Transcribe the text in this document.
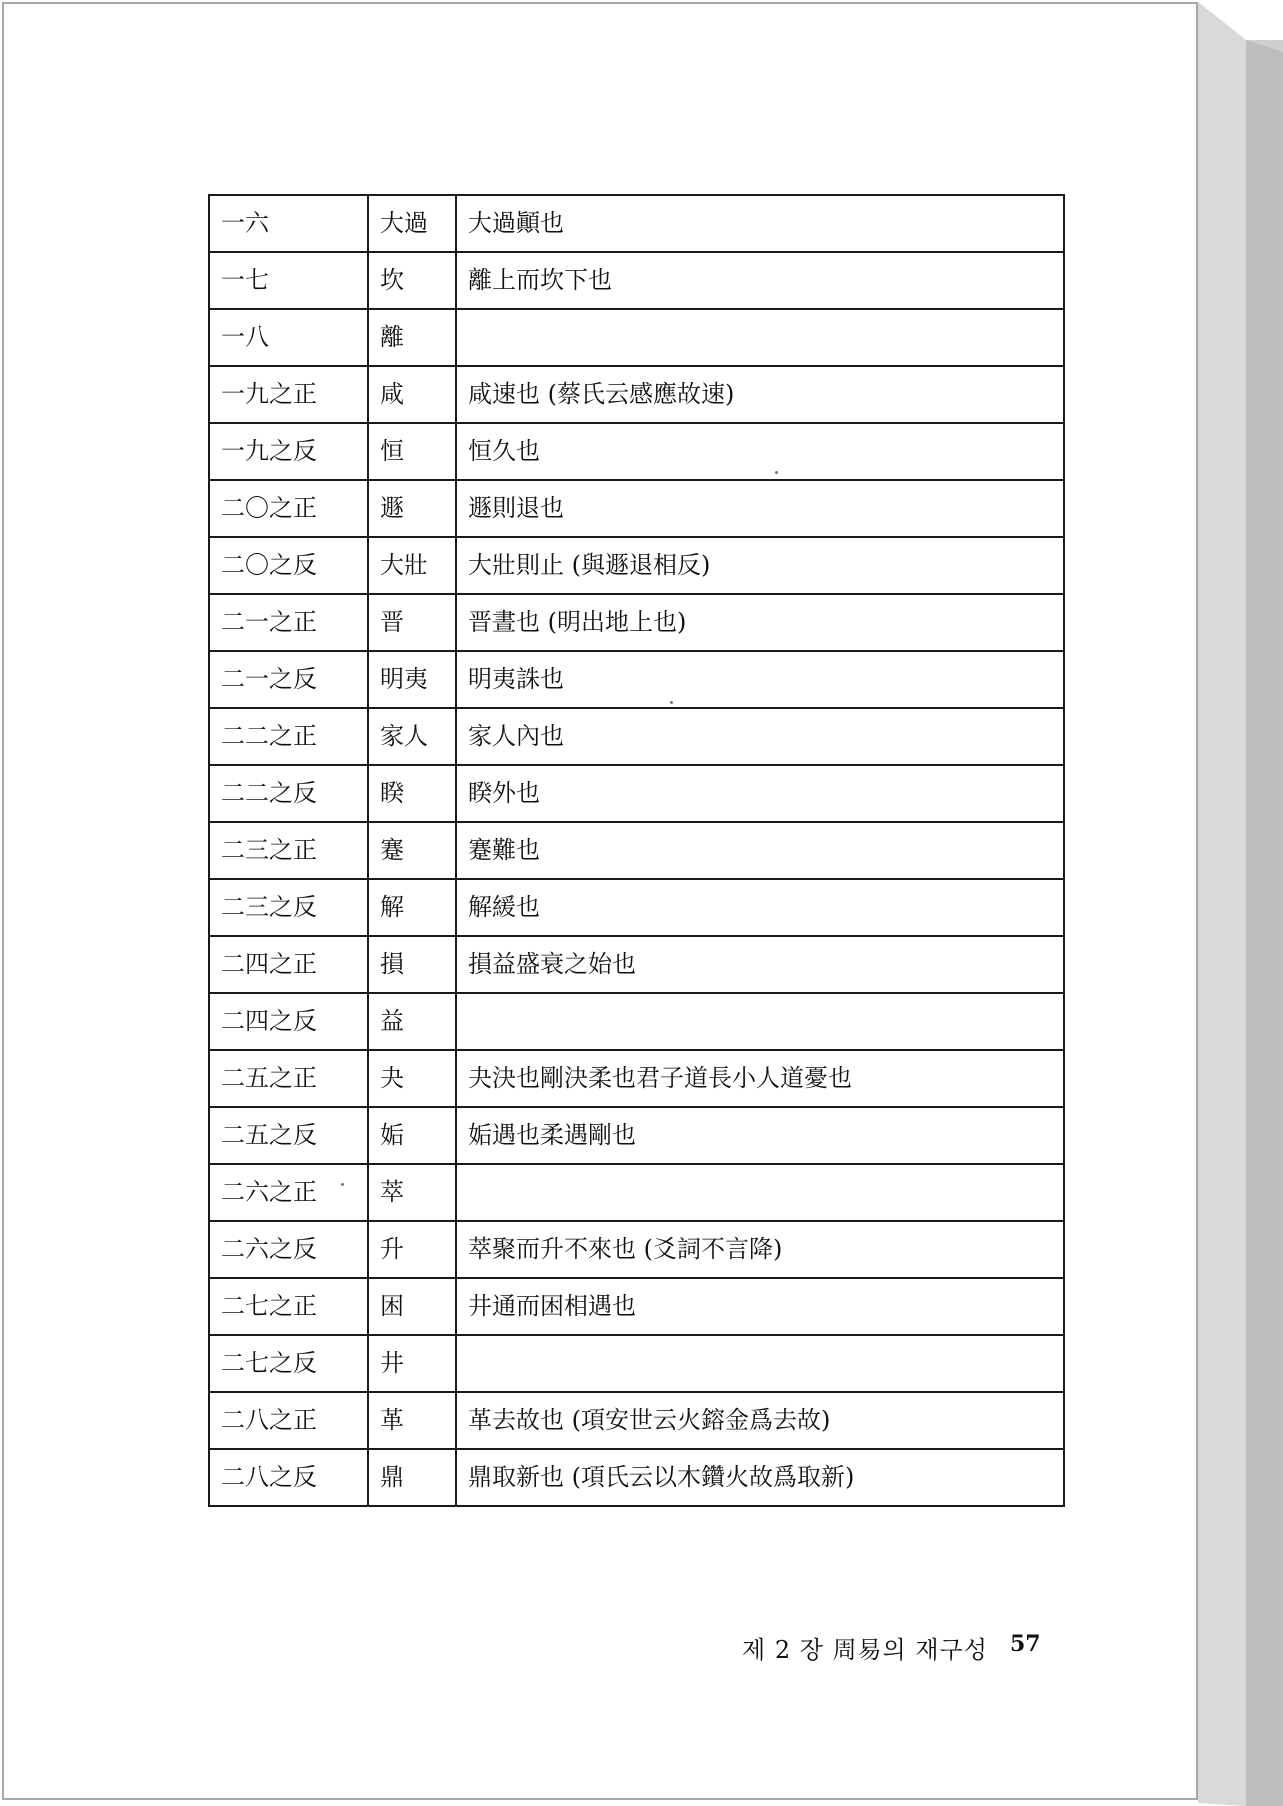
一六	大過	大過顚也
一七	坎	離上而坎下也
一八	離	
一九之正	咸	咸速也 (蔡氏云感應故速)
一九之反	恒	恒久也
二〇之正	遯	遯則退也
二〇之反	大壯	大壯則止 (與遯退相反)
二一之正	晋	晋晝也 (明出地上也)
二一之反	明夷	明夷誅也
二二之正	家人	家人內也
二二之反	睽	睽外也
二三之正	蹇	蹇難也
二三之反	解	解緩也
二四之正	損	損益盛衰之始也
二四之反	益	
二五之正	夬	夬決也剛決柔也君子道長小人道憂也
二五之反	姤	姤遇也柔遇剛也
二六之正	萃	
二六之反	升	萃聚而升不來也 (爻詞不言降)
二七之正	困	井通而困相遇也
二七之反	井	
二八之正	革	革去故也 (項安世云火鎔金爲去故)
二八之反	鼎	鼎取新也 (項氏云以木鑽火故爲取新)
제 2 장 周易의 재구성 57
